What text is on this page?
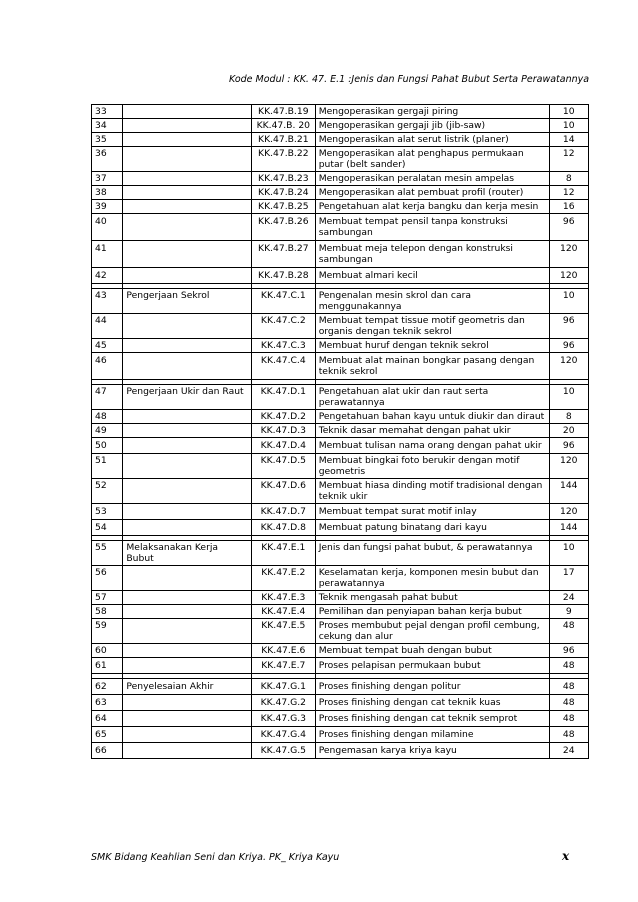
Kode Modul : KK. 47. E.1 :Jenis dan Fungsi Pahat Bubut Serta Perawatannya
33		KK.47.B.19	Mengoperasikan gergaji piring	10
34		KK.47.B. 20	Mengoperasikan gergaji jib (jib-saw)	10
35		KK.47.B.21	Mengoperasikan alat serut listrik (planer)	14
36		KK.47.B.22	Mengoperasikan alat penghapus permukaan putar (belt sander)	12
37		KK.47.B.23	Mengoperasikan peralatan mesin ampelas	8
38		KK.47.B.24	Mengoperasikan alat pembuat profil (router)	12
39		KK.47.B.25	Pengetahuan alat kerja bangku dan kerja mesin	16
40		KK.47.B.26	Membuat tempat pensil tanpa konstruksi sambungan	96
41		KK.47.B.27	Membuat meja telepon dengan konstruksi sambungan	120
42		KK.47.B.28	Membuat almari kecil	120

43	Pengerjaan Sekrol	KK.47.C.1	Pengenalan mesin skrol dan cara menggunakannya	10
44		KK.47.C.2	Membuat tempat tissue motif geometris dan organis dengan teknik sekrol	96
45		KK.47.C.3	Membuat huruf dengan teknik sekrol	96
46		KK.47.C.4	Membuat alat mainan bongkar pasang dengan teknik sekrol	120

47	Pengerjaan Ukir dan Raut	KK.47.D.1	Pengetahuan alat ukir dan raut serta perawatannya	10
48		KK.47.D.2	Pengetahuan bahan kayu untuk diukir dan diraut	8
49		KK.47.D.3	Teknik dasar memahat dengan pahat ukir	20
50		KK.47.D.4	Membuat tulisan nama orang dengan pahat ukir	96
51		KK.47.D.5	Membuat bingkai foto berukir dengan motif geometris	120
52		KK.47.D.6	Membuat hiasa dinding motif tradisional dengan teknik ukir	144
53		KK.47.D.7	Membuat tempat surat motif inlay	120
54		KK.47.D.8	Membuat patung binatang dari kayu	144

55	Melaksanakan Kerja Bubut	KK.47.E.1	Jenis dan fungsi pahat bubut, & perawatannya	10
56		KK.47.E.2	Keselamatan kerja, komponen mesin bubut dan perawatannya	17
57		KK.47.E.3	Teknik mengasah pahat bubut	24
58		KK.47.E.4	Pemilihan dan penyiapan bahan kerja bubut	9
59		KK.47.E.5	Proses membubut pejal dengan profil cembung, cekung dan alur	48
60		KK.47.E.6	Membuat tempat buah dengan bubut	96
61		KK.47.E.7	Proses pelapisan permukaan bubut	48

62	Penyelesaian Akhir	KK.47.G.1	Proses finishing dengan politur	48
63		KK.47.G.2	Proses finishing dengan cat teknik kuas	48
64		KK.47.G.3	Proses finishing dengan cat teknik semprot	48
65		KK.47.G.4	Proses finishing dengan milamine	48
66		KK.47.G.5	Pengemasan karya kriya kayu	24
SMK Bidang Keahlian Seni dan Kriya. PK_ Kriya Kayu	x
